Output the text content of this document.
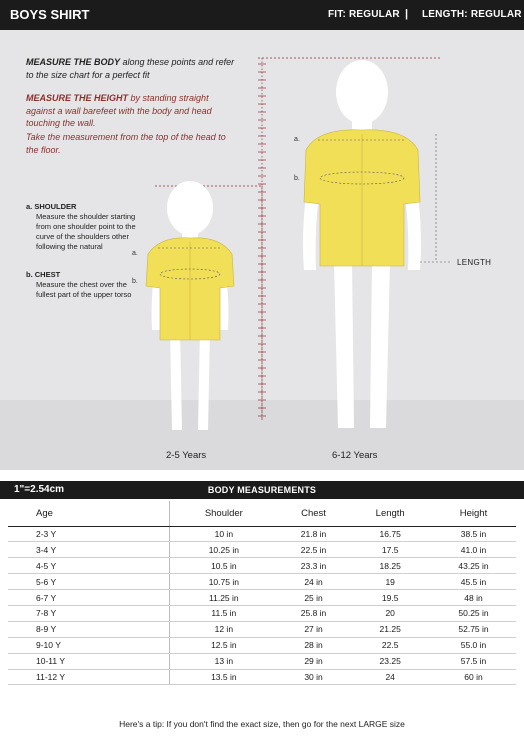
BOYS SHIRT	FIT: REGULAR | LENGTH: REGULAR

MEASURE THE BODY along these points and refer to the size chart for a perfect fit

MEASURE THE HEIGHT by standing straight against a wall barefeet with the body and head touching the wall.

Take the measurement from the top of the head to the floor.

a. SHOULDER
Measure the shoulder starting from one shoulder point to the curve of the shoulders other following the natural
b. CHEST
Measure the chest over the fullest part of the upper torso
a.
b.
a.
b.
LENGTH
2-5 Years	6-12 Years
1"=2.54cm	BODY MEASUREMENTS
Age	Shoulder	Chest	Length	Height
2-3 Y	10 in	21.8 in	16.75	38.5 in
3-4 Y	10.25 in	22.5 in	17.5	41.0 in
4-5 Y	10.5 in	23.3 in	18.25	43.25 in
5-6 Y	10.75 in	24 in	19	45.5 in
6-7 Y	11.25 in	25 in	19.5	48 in
7-8 Y	11.5 in	25.8 in	20	50.25 in
8-9 Y	12 in	27 in	21.25	52.75 in
9-10 Y	12.5 in	28 in	22.5	55.0 in
10-11 Y	13 in	29 in	23.25	57.5 in
11-12 Y	13.5 in	30 in	24	60 in

Here's a tip: If you don't find the exact size, then go for the next LARGE size
